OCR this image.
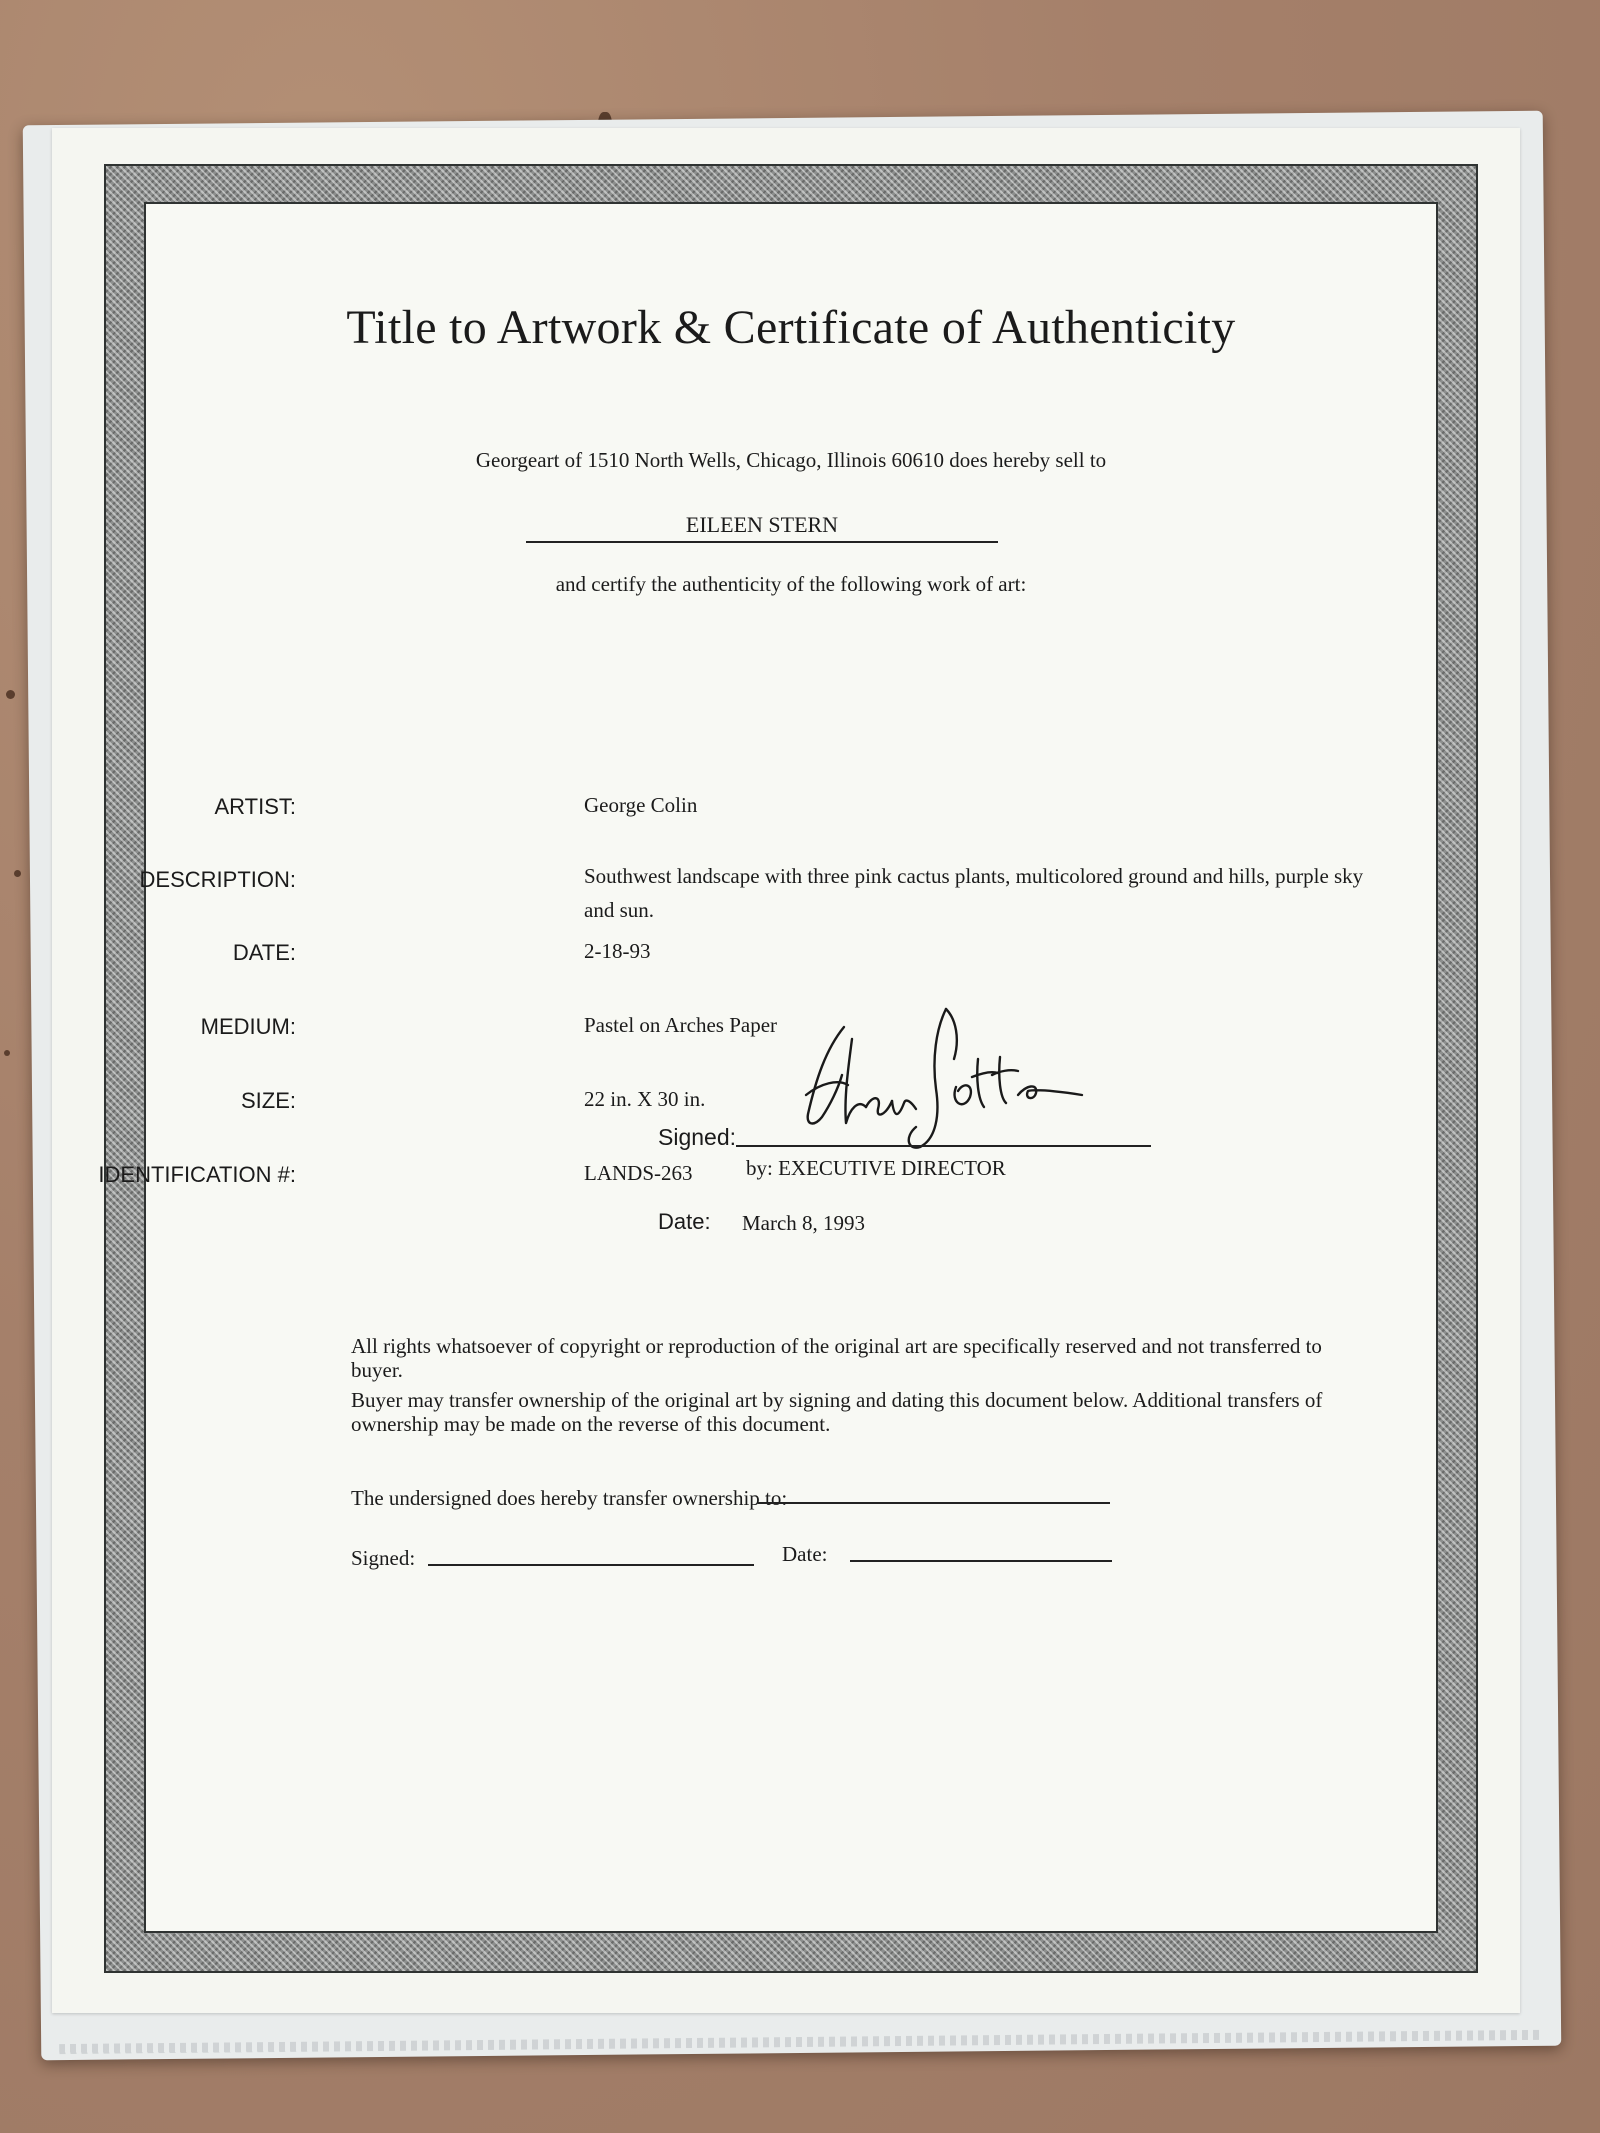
Title to Artwork & Certificate of Authenticity
Georgeart of 1510 North Wells, Chicago, Illinois 60610 does hereby sell to
EILEEN STERN
and certify the authenticity of the following work of art:
ARTIST:	George Colin
DESCRIPTION:	Southwest landscape with three pink cactus plants, multicolored ground and hills, purple sky and sun.
DATE:	2-18-93
MEDIUM:	Pastel on Arches Paper
SIZE:	22 in. X 30 in.
IDENTIFICATION #:	LANDS-263
Signed:
by: EXECUTIVE DIRECTOR
Date: March 8, 1993

All rights whatsoever of copyright or reproduction of the original art are specifically reserved and not transferred to buyer.

Buyer may transfer ownership of the original art by signing and dating this document below. Additional transfers of ownership may be made on the reverse of this document.

The undersigned does hereby transfer ownership to:
Signed:	Date:
